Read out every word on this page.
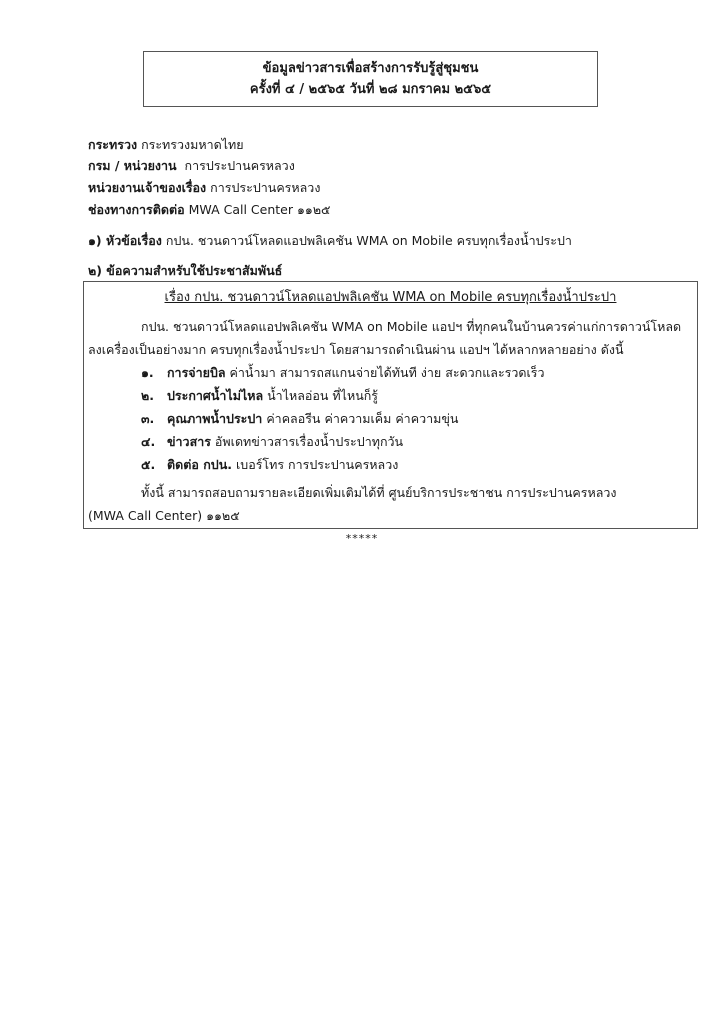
ข้อมูลข่าวสารเพื่อสร้างการรับรู้สู่ชุมชน
ครั้งที่ ๔ / ๒๕๖๕ วันที่ ๒๘ มกราคม ๒๕๖๕
กระทรวง กระทรวงมหาดไทย
กรม / หน่วยงาน การประปานครหลวง
หน่วยงานเจ้าของเรื่อง การประปานครหลวง
ช่องทางการติดต่อ MWA Call Center ๑๑๒๕
๑) หัวข้อเรื่อง กปน. ชวนดาวน์โหลดแอปพลิเคชัน WMA on Mobile ครบทุกเรื่องน้ำประปา
๒) ข้อความสำหรับใช้ประชาสัมพันธ์
เรื่อง กปน. ชวนดาวน์โหลดแอปพลิเคชัน WMA on Mobile ครบทุกเรื่องน้ำประปา
กปน. ชวนดาวน์โหลดแอปพลิเคชัน WMA on Mobile แอปฯ ที่ทุกคนในบ้านควรค่าแก่การดาวน์โหลด
ลงเครื่องเป็นอย่างมาก ครบทุกเรื่องน้ำประปา โดยสามารถดำเนินผ่าน แอปฯ ได้หลากหลายอย่าง ดังนี้
๑. การจ่ายบิล ค่าน้ำมา สามารถสแกนจ่ายได้ทันที ง่าย สะดวกและรวดเร็ว
๒. ประกาศน้ำไม่ไหล น้ำไหลอ่อน ที่ไหนก็รู้
๓. คุณภาพน้ำประปา ค่าคลอรีน ค่าความเค็ม ค่าความขุ่น
๔. ข่าวสาร อัพเดทข่าวสารเรื่องน้ำประปาทุกวัน
๕. ติดต่อ กปน. เบอร์โทร การประปานครหลวง
ทั้งนี้ สามารถสอบถามรายละเอียดเพิ่มเติมได้ที่ ศูนย์บริการประชาชน การประปานครหลวง
(MWA Call Center) ๑๑๒๕
*****
